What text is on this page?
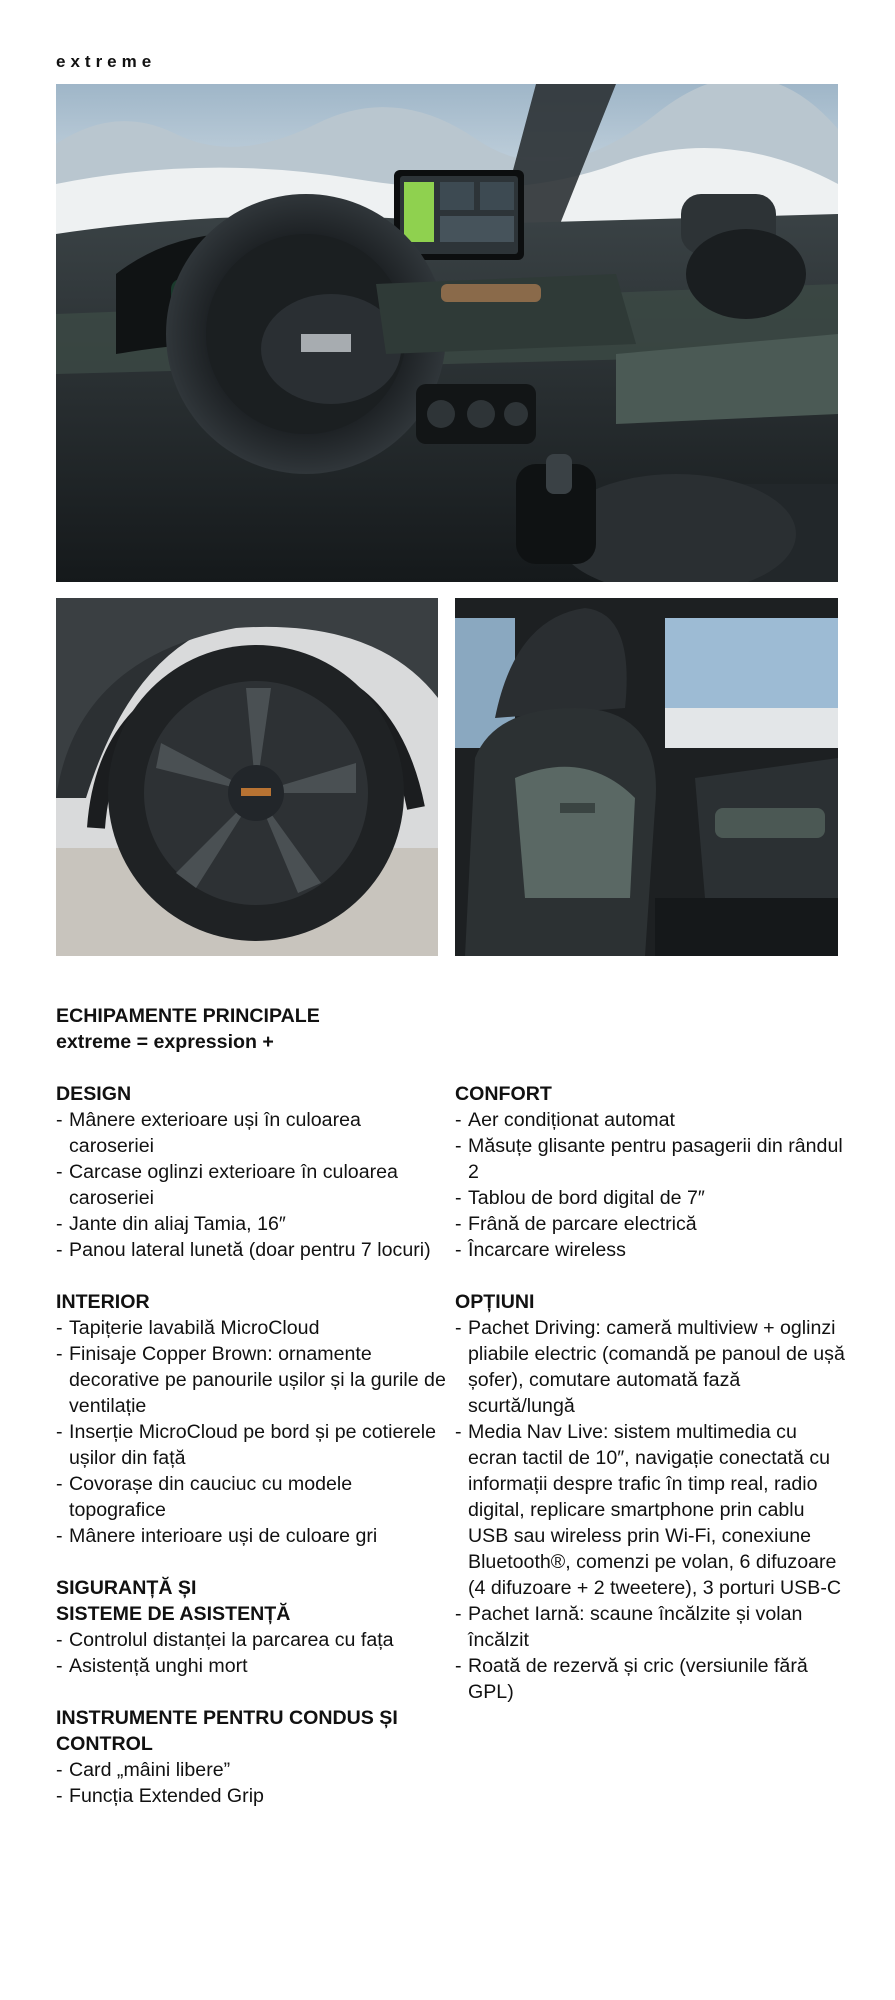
extreme
ECHIPAMENTE PRINCIPALE
extreme = expression +
DESIGN
- Mânere exterioare uși în culoarea caroseriei
- Carcase oglinzi exterioare în culoarea caroseriei
- Jante din aliaj Tamia, 16″
- Panou lateral lunetă (doar pentru 7 locuri)
INTERIOR
- Tapițerie lavabilă MicroCloud
- Finisaje Copper Brown: ornamente decorative pe panourile ușilor și la gurile de ventilație
- Inserție MicroCloud pe bord și pe cotierele ușilor din față
- Covorașe din cauciuc cu modele topografice
- Mânere interioare uși de culoare gri
SIGURANȚĂ ȘI
SISTEME DE ASISTENȚĂ
- Controlul distanței la parcarea cu fața
- Asistență unghi mort
INSTRUMENTE PENTRU CONDUS ȘI CONTROL
- Card „mâini libere”
- Funcția Extended Grip
CONFORT
- Aer condiționat automat
- Măsuțe glisante pentru pasagerii din rândul 2
- Tablou de bord digital de 7″
- Frână de parcare electrică
- Încarcare wireless
OPȚIUNI
- Pachet Driving: cameră multiview + oglinzi pliabile electric (comandă pe panoul de ușă șofer), comutare automată fază scurtă/lungă
- Media Nav Live: sistem multimedia cu ecran tactil de 10″, navigație conectată cu informații despre trafic în timp real, radio digital, replicare smartphone prin cablu USB sau wireless prin Wi-Fi, conexiune Bluetooth®, comenzi pe volan, 6 difuzoare (4 difuzoare + 2 tweetere), 3 porturi USB-C
- Pachet Iarnă: scaune încălzite și volan încălzit
- Roată de rezervă și cric (versiunile fără GPL)
